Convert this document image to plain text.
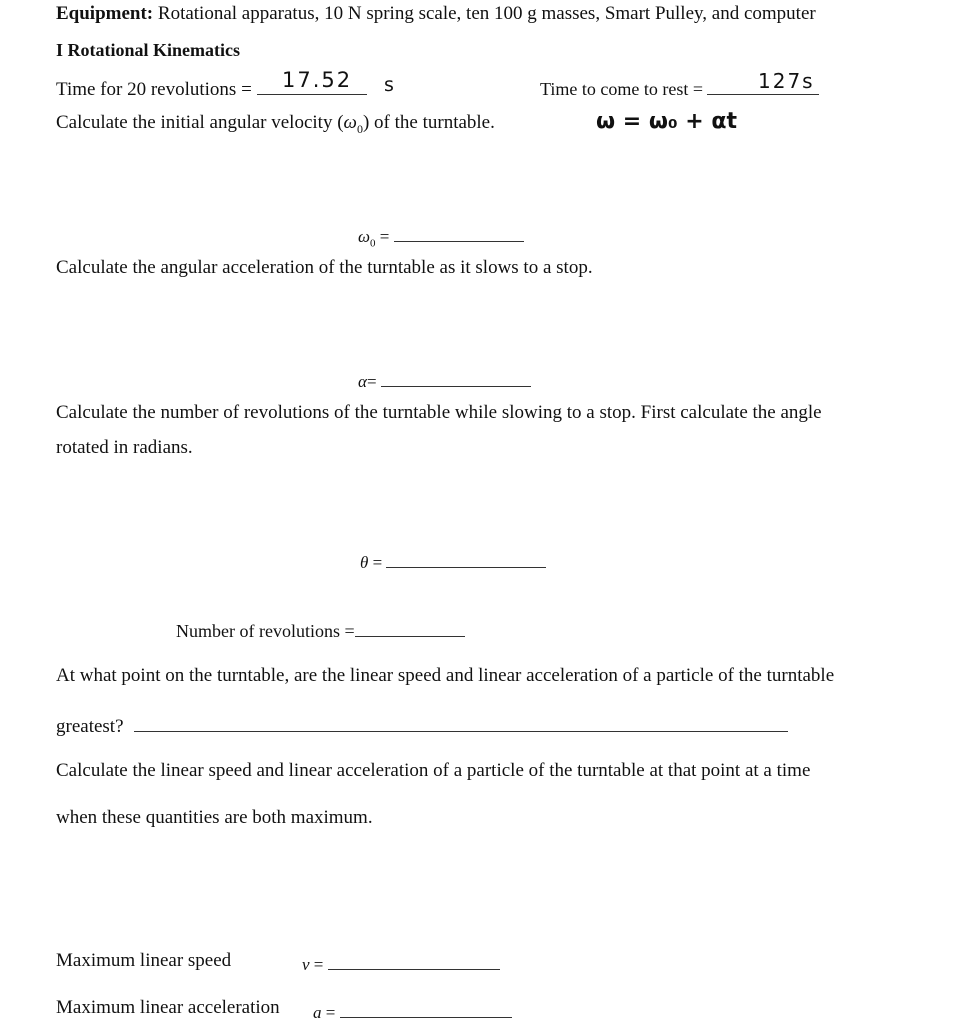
Equipment: Rotational apparatus, 10 N spring scale, ten 100 g masses, Smart Pulley, and computer
I Rotational Kinematics
Time for 20 revolutions =	17.52 s	Time to come to rest =	127s
Calculate the initial angular velocity $(\omega_0)$ of the turntable.	ω = ω₀ + αt
$\omega_0$ =
Calculate the angular acceleration of the turntable as it slows to a stop.
α=
Calculate the number of revolutions of the turntable while slowing to a stop. First calculate the angle
rotated in radians.
θ =
Number of revolutions =
At what point on the turntable, are the linear speed and linear acceleration of a particle of the turntable
greatest?
Calculate the linear speed and linear acceleration of a particle of the turntable at that point at a time
when these quantities are both maximum.
Maximum linear speed	v =
Maximum linear acceleration a =
